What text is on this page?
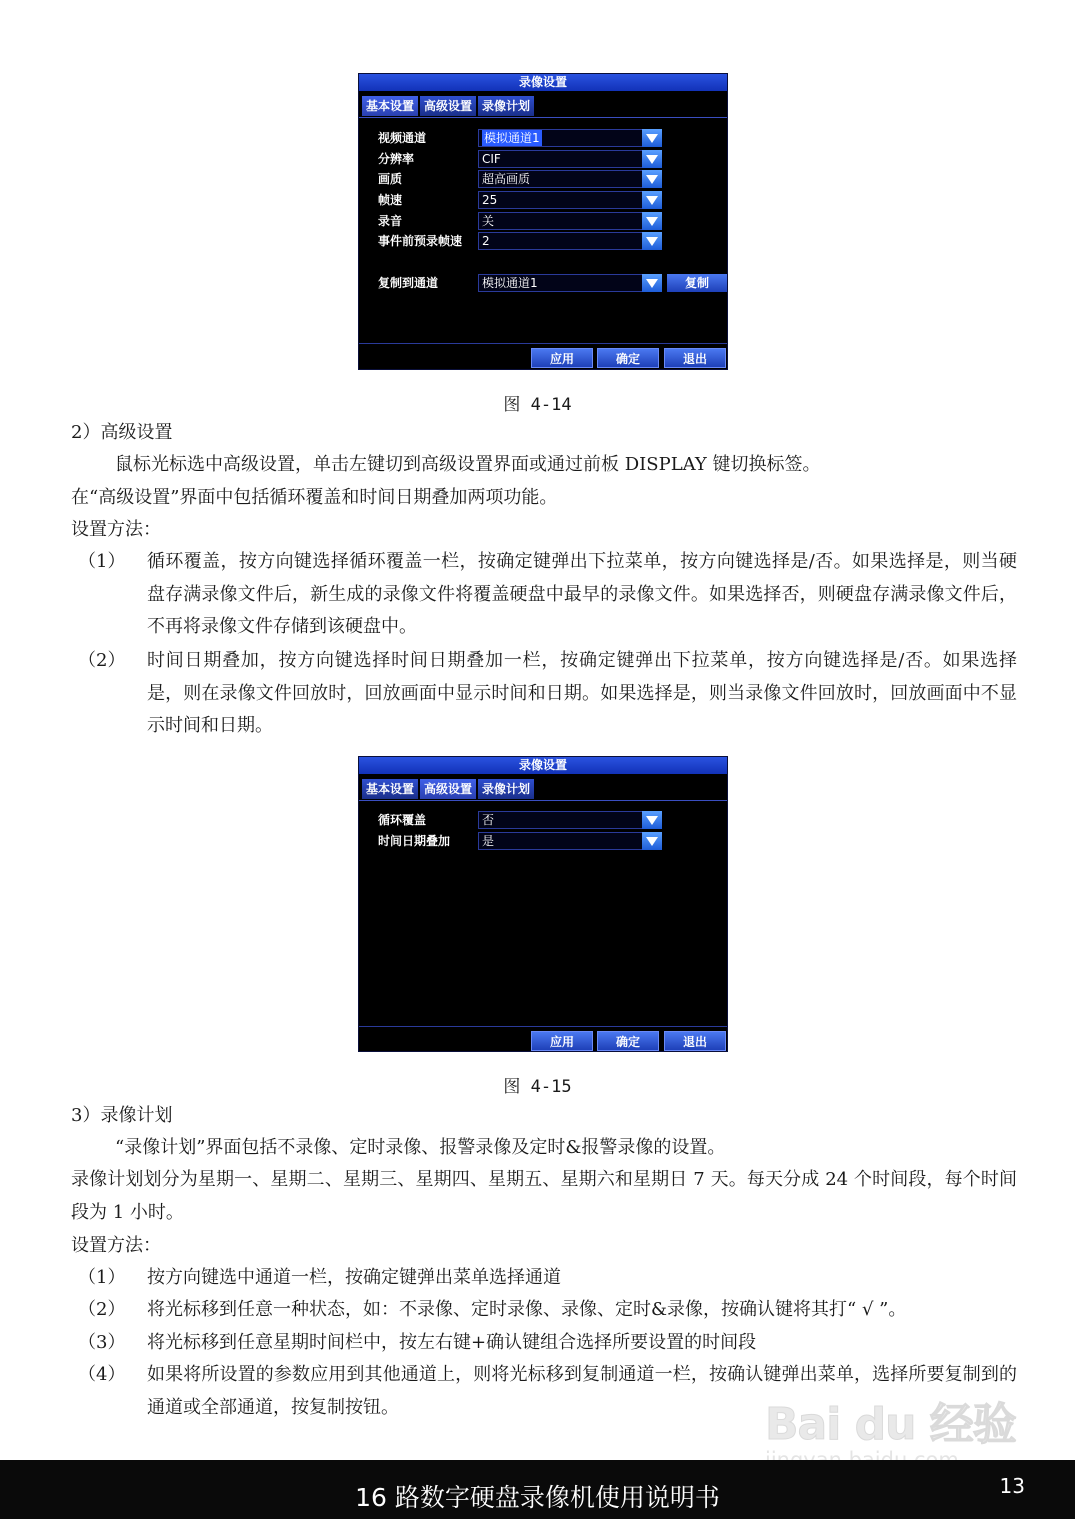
录像设置
基本设置 高级设置 录像计划
视频通道	模拟通道1
分辨率	CIF
画质	超高画质
帧速	25
录音	关
事件前预录帧速 2
复制到通道	模拟通道1	复制
应用	确定	退出
图 4-14
2）高级设置
鼠标光标选中高级设置，单击左键切到高级设置界面或通过前板 DISPLAY 键切换标签。
在“高级设置”界面中包括循环覆盖和时间日期叠加两项功能。
设置方法：
（1） 循环覆盖，按方向键选择循环覆盖一栏，按确定键弹出下拉菜单，按方向键选择是/否。如果选择是，则当硬盘存满录像文件后，新生成的录像文件将覆盖硬盘中最早的录像文件。如果选择否，则硬盘存满录像文件后，不再将录像文件存储到该硬盘中。
（2） 时间日期叠加，按方向键选择时间日期叠加一栏，按确定键弹出下拉菜单，按方向键选择是/否。如果选择是，则在录像文件回放时，回放画面中显示时间和日期。如果选择是，则当录像文件回放时，回放画面中不显示时间和日期。
录像设置
基本设置 高级设置 录像计划
循环覆盖	否
时间日期叠加	是
应用	确定	退出
图 4-15
3）录像计划
“录像计划”界面包括不录像、定时录像、报警录像及定时&报警录像的设置。
录像计划划分为星期一、星期二、星期三、星期四、星期五、星期六和星期日 7 天。每天分成 24 个时间段，每个时间段为 1 小时。
设置方法：
（1） 按方向键选中通道一栏，按确定键弹出菜单选择通道
（2） 将光标移到任意一种状态，如：不录像、定时录像、录像、定时&录像，按确认键将其打“ √ ”。
（3） 将光标移到任意星期时间栏中，按左右键+确认键组合选择所要设置的时间段
（4） 如果将所设置的参数应用到其他通道上，则将光标移到复制通道一栏，按确认键弹出菜单，选择所要复制到的通道或全部通道，按复制按钮。	Bai du 经验
16 路数字硬盘录像机使用说明书	13
